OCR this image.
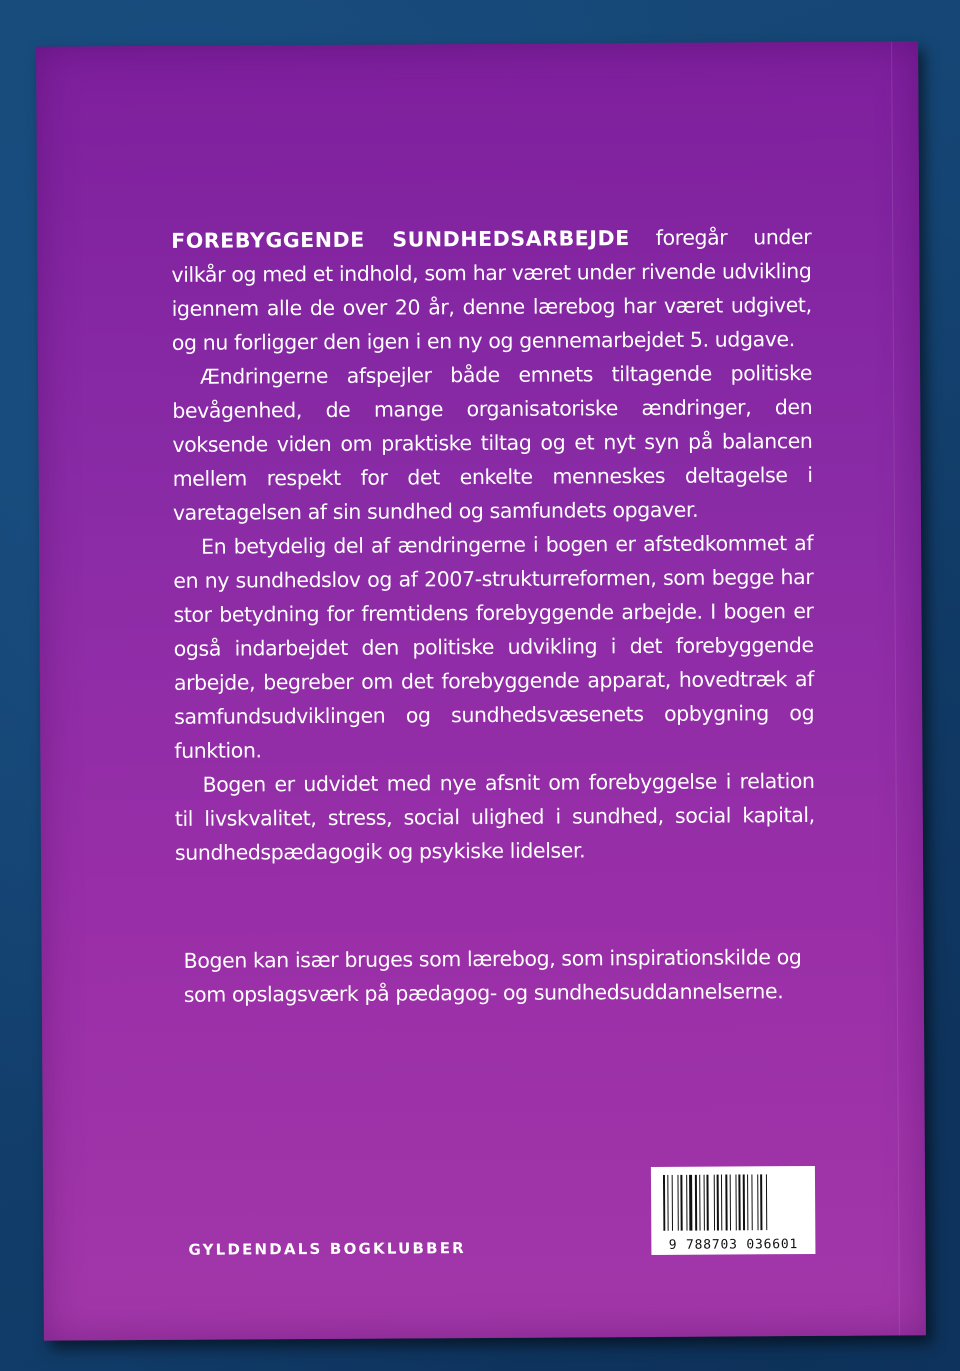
FOREBYGGENDE SUNDHEDSARBEJDE foregår under vilkår og med et indhold, som har været under rivende udvikling igennem alle de over 20 år, denne lærebog har været udgivet, og nu forligger den igen i en ny og gennemarbejdet 5. udgave.

Ændringerne afspejler både emnets tiltagende politiske bevågenhed, de mange organisatoriske ændringer, den voksende viden om praktiske tiltag og et nyt syn på balancen mellem respekt for det enkelte menneskes deltagelse i varetagelsen af sin sundhed og samfundets opgaver.

En betydelig del af ændringerne i bogen er afstedkommet af en ny sundhedslov og af 2007-strukturreformen, som begge har stor betydning for fremtidens forebyggende arbejde. I bogen er også indarbejdet den politiske udvikling i det forebyggende arbejde, begreber om det forebyggende apparat, hovedtræk af samfundsudviklingen og sundhedsvæsenets opbygning og funktion.

Bogen er udvidet med nye afsnit om forebyggelse i relation til livskvalitet, stress, social ulighed i sundhed, social kapital, sundhedspædagogik og psykiske lidelser.

Bogen kan især bruges som lærebog, som inspirationskilde og som opslagsværk på pædagog- og sundhedsuddannelserne.
GYLDENDALS BOGKLUBBER	9 788703 036601
